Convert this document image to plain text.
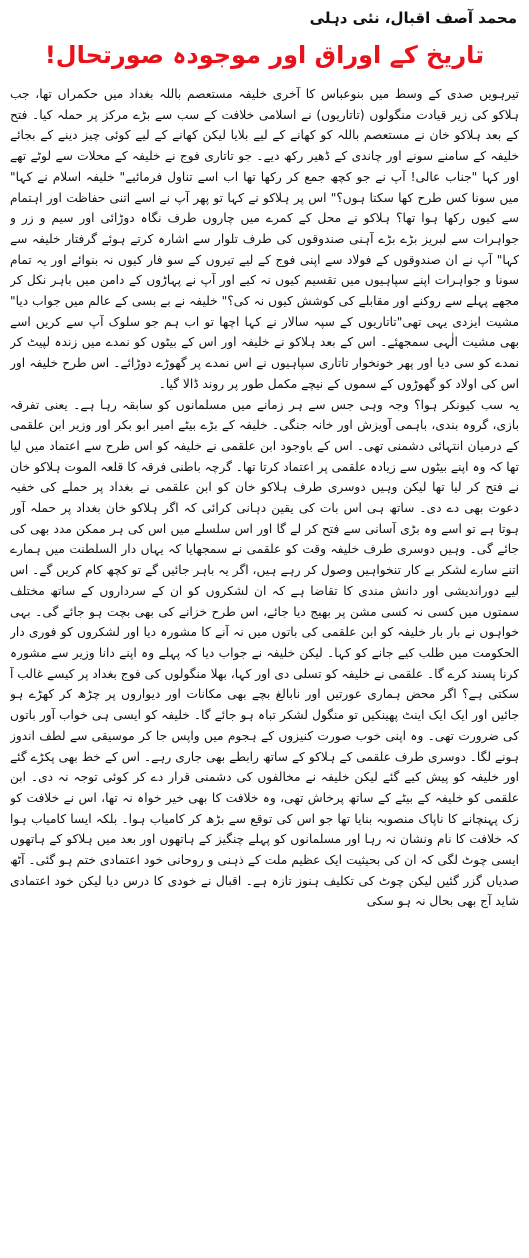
محمد آصف اقبال، نئی دہلی
تاریخ کے اوراق اور موجودہ صورتحال!

تیرہویں صدی کے وسط میں بنوعباس کا آخری خلیفہ مستعصم باللہ بغداد میں حکمراں تھا، جب ہلاکو کی زیر قیادت منگولوں (تاتاریوں) نے اسلامی خلافت کے سب سے بڑے مرکز پر حملہ کیا۔ فتح کے بعد ہلاکو خان نے مستعصم باللہ کو کھانے کے لیے بلایا لیکن کھانے کے لیے کوئی چیز دینے کے بجائے خلیفہ کے سامنے سونے اور چاندی کے ڈھیر رکھ دیے۔ جو تاتاری فوج نے خلیفہ کے محلات سے لوٹے تھے اور کہا "جناب عالی! آپ نے جو کچھ جمع کر رکھا تھا اب اسے تناول فرمائیے" خلیفہ اسلام نے کہا" میں سونا کس طرح کھا سکتا ہوں؟" اس پر ہلاکو نے کہا تو پھر آپ نے اسے اتنی حفاظت اور اہتمام سے کیوں رکھا ہوا تھا؟ ہلاکو نے محل کے کمرے میں چاروں طرف نگاہ دوڑائی اور سیم و زر و جواہرات سے لبریز بڑے بڑے آہنی صندوقوں کی طرف تلوار سے اشارہ کرتے ہوئے گرفتار خلیفہ سے کہا" آپ نے ان صندوقوں کے فولاد سے اپنی فوج کے لیے تیروں کے سو فار کیوں نہ بنوائے اور یہ تمام سونا و جواہرات اپنے سپاہیوں میں تقسیم کیوں نہ کیے اور آپ نے پہاڑوں کے دامن میں باہر نکل کر مجھے پہلے سے روکنے اور مقابلے کی کوشش کیوں نہ کی؟" خلیفہ نے بے بسی کے عالم میں جواب دیا" مشیت ایزدی یہی تھی"تاتاریوں کے سپہ سالار نے کہا اچھا تو اب ہم جو سلوک آپ سے کریں اسے بھی مشیت الٰہی سمجھئے۔ اس کے بعد ہلاکو نے خلیفہ اور اس کے بیٹوں کو نمدے میں زندہ لپیٹ کر نمدے کو سی دیا اور پھر خونخوار تاتاری سپاہیوں نے اس نمدے پر گھوڑے دوڑائے۔ اس طرح خلیفہ اور اس کی اولاد کو گھوڑوں کے سموں کے نیچے مکمل طور پر روند ڈالا گیا۔

یہ سب کیونکر ہوا؟ وجہ وہی جس سے ہر زمانے میں مسلمانوں کو سابقہ رہا ہے۔ یعنی تفرقہ بازی، گروہ بندی، باہمی آویزش اور خانہ جنگی۔ خلیفہ کے بڑے بیٹے امیر ابو بکر اور وزیر ابن علقمی کے درمیان انتہائی دشمنی تھی۔ اس کے باوجود ابن علقمی نے خلیفہ کو اس طرح سے اعتماد میں لیا تھا کہ وہ اپنے بیٹوں سے زیادہ علقمی پر اعتماد کرتا تھا۔ گرچہ باطنی فرقہ کا قلعہ الموت ہلاکو خان نے فتح کر لیا تھا لیکن وہیں دوسری طرف ہلاکو خان کو ابن علقمی نے بغداد پر حملے کی خفیہ دعوت بھی دے دی۔ ساتھ ہی اس بات کی یقین دہانی کرائی کہ اگر ہلاکو خان بغداد پر حملہ آور ہوتا ہے تو اسے وہ بڑی آسانی سے فتح کر لے گا اور اس سلسلے میں اس کی ہر ممکن مدد بھی کی جائے گی۔ وہیں دوسری طرف خلیفہ وقت کو علقمی نے سمجھایا کہ یہاں دار السلطنت میں ہمارے اتنے سارے لشکر بے کار تنخواہیں وصول کر رہے ہیں، اگر یہ باہر جائیں گے تو کچھ کام کریں گے۔ اس لیے دوراندیشی اور دانش مندی کا تقاضا ہے کہ ان لشکروں کو ان کے سرداروں کے ساتھ مختلف سمتوں میں کسی نہ کسی مشن پر بھیج دیا جائے، اس طرح خزانے کی بھی بچت ہو جائے گی۔ بہی خواہوں نے بار بار خلیفہ کو ابن علقمی کی باتوں میں نہ آنے کا مشورہ دیا اور لشکروں کو فوری دار الحکومت میں طلب کیے جانے کو کہا۔ لیکن خلیفہ نے جواب دیا کہ پہلے وہ اپنے دانا وزیر سے مشورہ کرنا پسند کرے گا۔ علقمی نے خلیفہ کو تسلی دی اور کہا، بھلا منگولوں کی فوج بغداد پر کیسے غالب آ سکتی ہے؟ اگر محض ہماری عورتیں اور نابالغ بچے بھی مکانات اور دیواروں پر چڑھ کر کھڑے ہو جائیں اور ایک ایک اینٹ پھینکیں تو منگول لشکر تباہ ہو جائے گا۔ خلیفہ کو ایسی ہی خواب آور باتوں کی ضرورت تھی۔ وہ اپنی خوب صورت کنیزوں کے ہجوم میں واپس جا کر موسیقی سے لطف اندوز ہونے لگا۔ دوسری طرف علقمی کے ہلاکو کے ساتھ رابطے بھی جاری رہے۔ اس کے خط بھی پکڑے گئے اور خلیفہ کو پیش کیے گئے لیکن خلیفہ نے مخالفوں کی دشمنی قرار دے کر کوئی توجہ نہ دی۔ ابن علقمی کو خلیفہ کے بیٹے کے ساتھ پرخاش تھی، وہ خلافت کا بھی خیر خواہ نہ تھا، اس نے خلافت کو زک پہنچانے کا ناپاک منصوبہ بنایا تھا جو اس کی توقع سے بڑھ کر کامیاب ہوا۔ بلکہ ایسا کامیاب ہوا کہ خلافت کا نام ونشان نہ رہا اور مسلمانوں کو پہلے چنگیز کے ہاتھوں اور بعد میں ہلاکو کے ہاتھوں ایسی چوٹ لگی کہ ان کی بحیثیت ایک عظیم ملت کے ذہنی و روحانی خود اعتمادی ختم ہو گئی۔ آٹھ صدیاں گزر گئیں لیکن چوٹ کی تکلیف ہنوز تازہ ہے۔ اقبال نے خودی کا درس دیا لیکن خود اعتمادی شاید آج بھی بحال نہ ہو سکی
